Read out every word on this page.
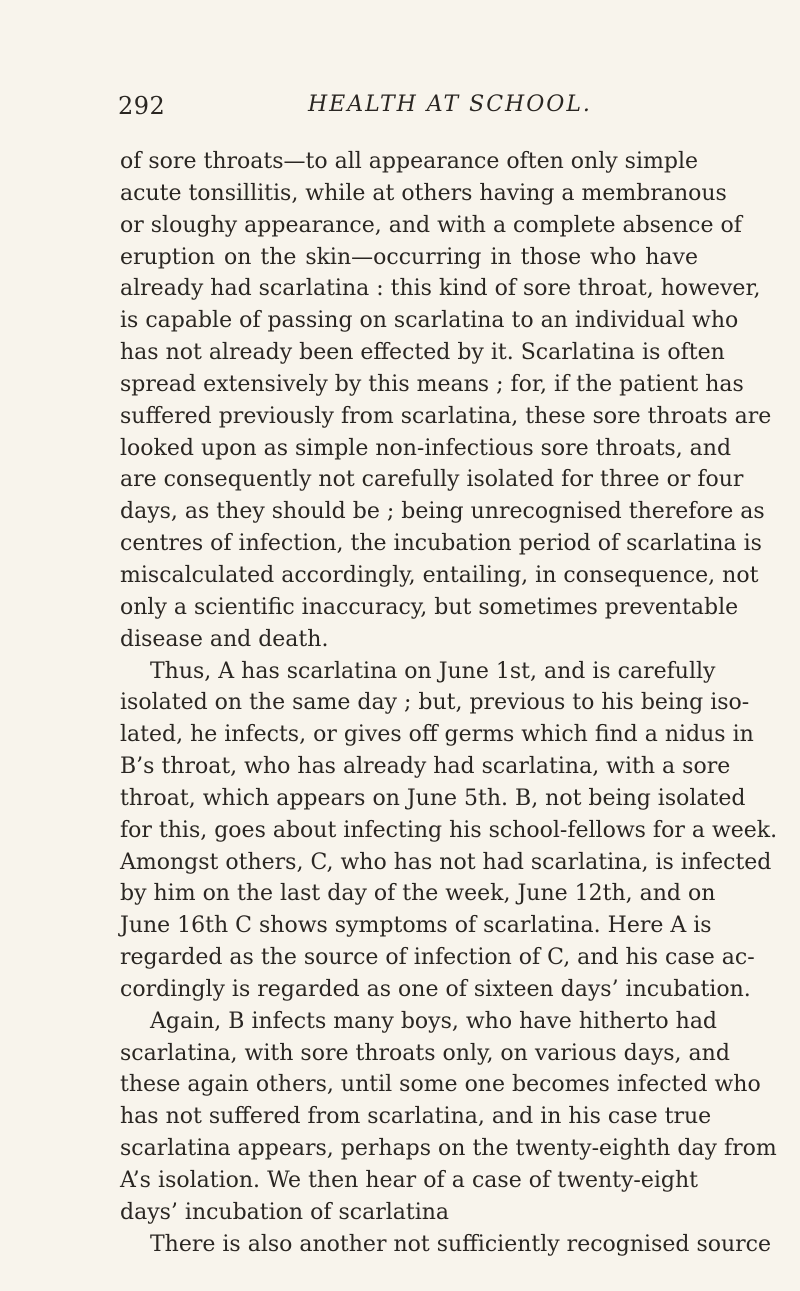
292	HEALTH AT SCHOOL.
of sore throats—to all appearance often only simple
acute tonsillitis, while at others having a membranous
or sloughy appearance, and with a complete absence of
eruption on the skin—occurring in those who have
already had scarlatina : this kind of sore throat, however,
is capable of passing on scarlatina to an individual who
has not already been effected by it. Scarlatina is often
spread extensively by this means ; for, if the patient has
suffered previously from scarlatina, these sore throats are
looked upon as simple non-infectious sore throats, and
are consequently not carefully isolated for three or four
days, as they should be ; being unrecognised therefore as
centres of infection, the incubation period of scarlatina is
miscalculated accordingly, entailing, in consequence, not
only a scientific inaccuracy, but sometimes preventable
disease and death.
Thus, A has scarlatina on June 1st, and is carefully
isolated on the same day ; but, previous to his being iso-
lated, he infects, or gives off germs which find a nidus in
B’s throat, who has already had scarlatina, with a sore
throat, which appears on June 5th. B, not being isolated
for this, goes about infecting his school-fellows for a week.
Amongst others, C, who has not had scarlatina, is infected
by him on the last day of the week, June 12th, and on
June 16th C shows symptoms of scarlatina. Here A is
regarded as the source of infection of C, and his case ac-
cordingly is regarded as one of sixteen days’ incubation.
Again, B infects many boys, who have hitherto had
scarlatina, with sore throats only, on various days, and
these again others, until some one becomes infected who
has not suffered from scarlatina, and in his case true
scarlatina appears, perhaps on the twenty-eighth day from
A’s isolation. We then hear of a case of twenty-eight
days’ incubation of scarlatina
There is also another not sufficiently recognised source
